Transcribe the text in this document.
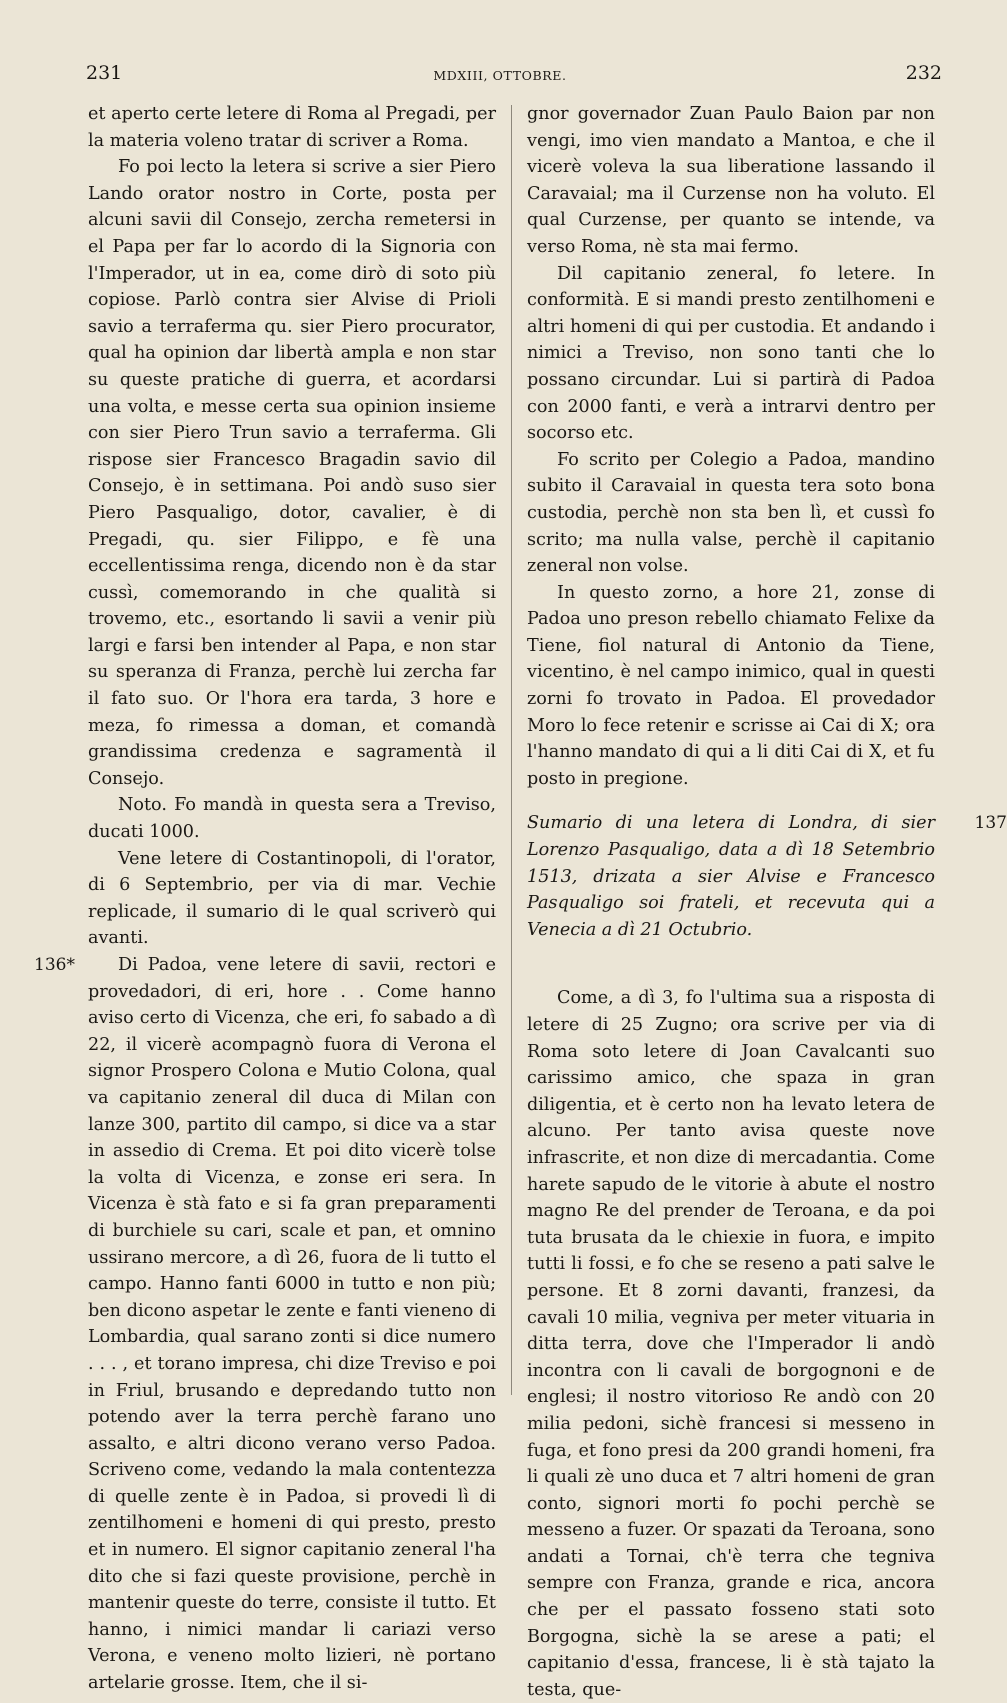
231	MDXIII, OTTOBRE.	232

et aperto certe letere di Roma al Pregadi, per la materia voleno tratar di scriver a Roma.

Fo poi lecto la letera si scrive a sier Piero Lando orator nostro in Corte, posta per alcuni savii dil Consejo, zercha remetersi in el Papa per far lo acordo di la Signoria con l'Imperador, ut in ea, come dirò di soto più copiose. Parlò contra sier Alvise di Prioli savio a terraferma qu. sier Piero procurator, qual ha opinion dar libertà ampla e non star su queste pratiche di guerra, et acordarsi una volta, e messe certa sua opinion insieme con sier Piero Trun savio a terraferma. Gli rispose sier Francesco Bragadin savio dil Consejo, è in settimana. Poi andò suso sier Piero Pasqualigo, dotor, cavalier, è di Pregadi, qu. sier Filippo, e fè una eccellentissima renga, dicendo non è da star cussì, comemorando in che qualità si trovemo, etc., esortando li savii a venir più largi e farsi ben intender al Papa, e non star su speranza di Franza, perchè lui zercha far il fato suo. Or l'hora era tarda, 3 hore e meza, fo rimessa a doman, et comandà grandissima credenza e sagramentà il Consejo.

Noto. Fo mandà in questa sera a Treviso, ducati 1000.

Vene letere di Costantinopoli, di l'orator, di 6 Septembrio, per via di mar. Vechie replicade, il sumario di le qual scriverò qui avanti.

136*	Di Padoa, vene letere di savii, rectori e provedadori, di eri, hore . . Come hanno aviso certo di Vicenza, che eri, fo sabado a dì 22, il vicerè acompagnò fuora di Verona el signor Prospero Colona e Mutio Colona, qual va capitanio zeneral dil duca di Milan con lanze 300, partito dil campo, si dice va a star in assedio di Crema. Et poi dito vicerè tolse la volta di Vicenza, e zonse eri sera. In Vicenza è stà fato e si fa gran preparamenti di burchiele su cari, scale et pan, et omnino ussirano mercore, a dì 26, fuora de li tutto el campo. Hanno fanti 6000 in tutto e non più; ben dicono aspetar le zente e fanti vieneno di Lombardia, qual sarano zonti si dice numero . . . , et torano impresa, chi dize Treviso e poi in Friul, brusando e depredando tutto non potendo aver la terra perchè farano uno assalto, e altri dicono verano verso Padoa. Scriveno come, vedando la mala contentezza di quelle zente è in Padoa, si provedi lì di zentilhomeni e homeni di qui presto, presto et in numero. El signor capitanio zeneral l'ha dito che si fazi queste provisione, perchè in mantenir queste do terre, consiste il tutto. Et hanno, i nimici mandar li cariazi verso Verona, e veneno molto lizieri, nè portano artelarie grosse. Item, che il si-

gnor governador Zuan Paulo Baion par non vengi, imo vien mandato a Mantoa, e che il vicerè voleva la sua liberatione lassando il Caravaial; ma il Curzense non ha voluto. El qual Curzense, per quanto se intende, va verso Roma, nè sta mai fermo.

Dil capitanio zeneral, fo letere. In conformità. E si mandi presto zentilhomeni e altri homeni di qui per custodia. Et andando i nimici a Treviso, non sono tanti che lo possano circundar. Lui si partirà di Padoa con 2000 fanti, e verà a intrarvi dentro per socorso etc.

Fo scrito per Colegio a Padoa, mandino subito il Caravaial in questa tera soto bona custodia, perchè non sta ben lì, et cussì fo scrito; ma nulla valse, perchè il capitanio zeneral non volse.

In questo zorno, a hore 21, zonse di Padoa uno preson rebello chiamato Felixe da Tiene, fiol natural di Antonio da Tiene, vicentino, è nel campo inimico, qual in questi zorni fo trovato in Padoa. El provedador Moro lo fece retenir e scrisse ai Cai di X; ora l'hanno mandato di qui a li diti Cai di X, et fu posto in pregione.

137

Sumario di una letera di Londra, di sier Lorenzo Pasqualigo, data a dì 18 Setembrio 1513, drizata a sier Alvise e Francesco Pasqualigo soi frateli, et recevuta qui a Venecia a dì 21 Octubrio.

Come, a dì 3, fo l'ultima sua a risposta di letere di 25 Zugno; ora scrive per via di Roma soto letere di Joan Cavalcanti suo carissimo amico, che spaza in gran diligentia, et è certo non ha levato letera de alcuno. Per tanto avisa queste nove infrascrite, et non dize di mercadantia. Come harete sapudo de le vitorie à abute el nostro magno Re del prender de Teroana, e da poi tuta brusata da le chiexie in fuora, e impito tutti li fossi, e fo che se reseno a pati salve le persone. Et 8 zorni davanti, franzesi, da cavali 10 milia, vegniva per meter vituaria in ditta terra, dove che l'Imperador li andò incontra con li cavali de borgognoni e de englesi; il nostro vitorioso Re andò con 20 milia pedoni, sichè francesi si messeno in fuga, et fono presi da 200 grandi homeni, fra li quali zè uno duca et 7 altri homeni de gran conto, signori morti fo pochi perchè se messeno a fuzer. Or spazati da Teroana, sono andati a Tornai, ch'è terra che tegniva sempre con Franza, grande e rica, ancora che per el passato fosseno stati soto Borgogna, sichè la se arese a pati; el capitanio d'essa, francese, li è stà tajato la testa, que-
